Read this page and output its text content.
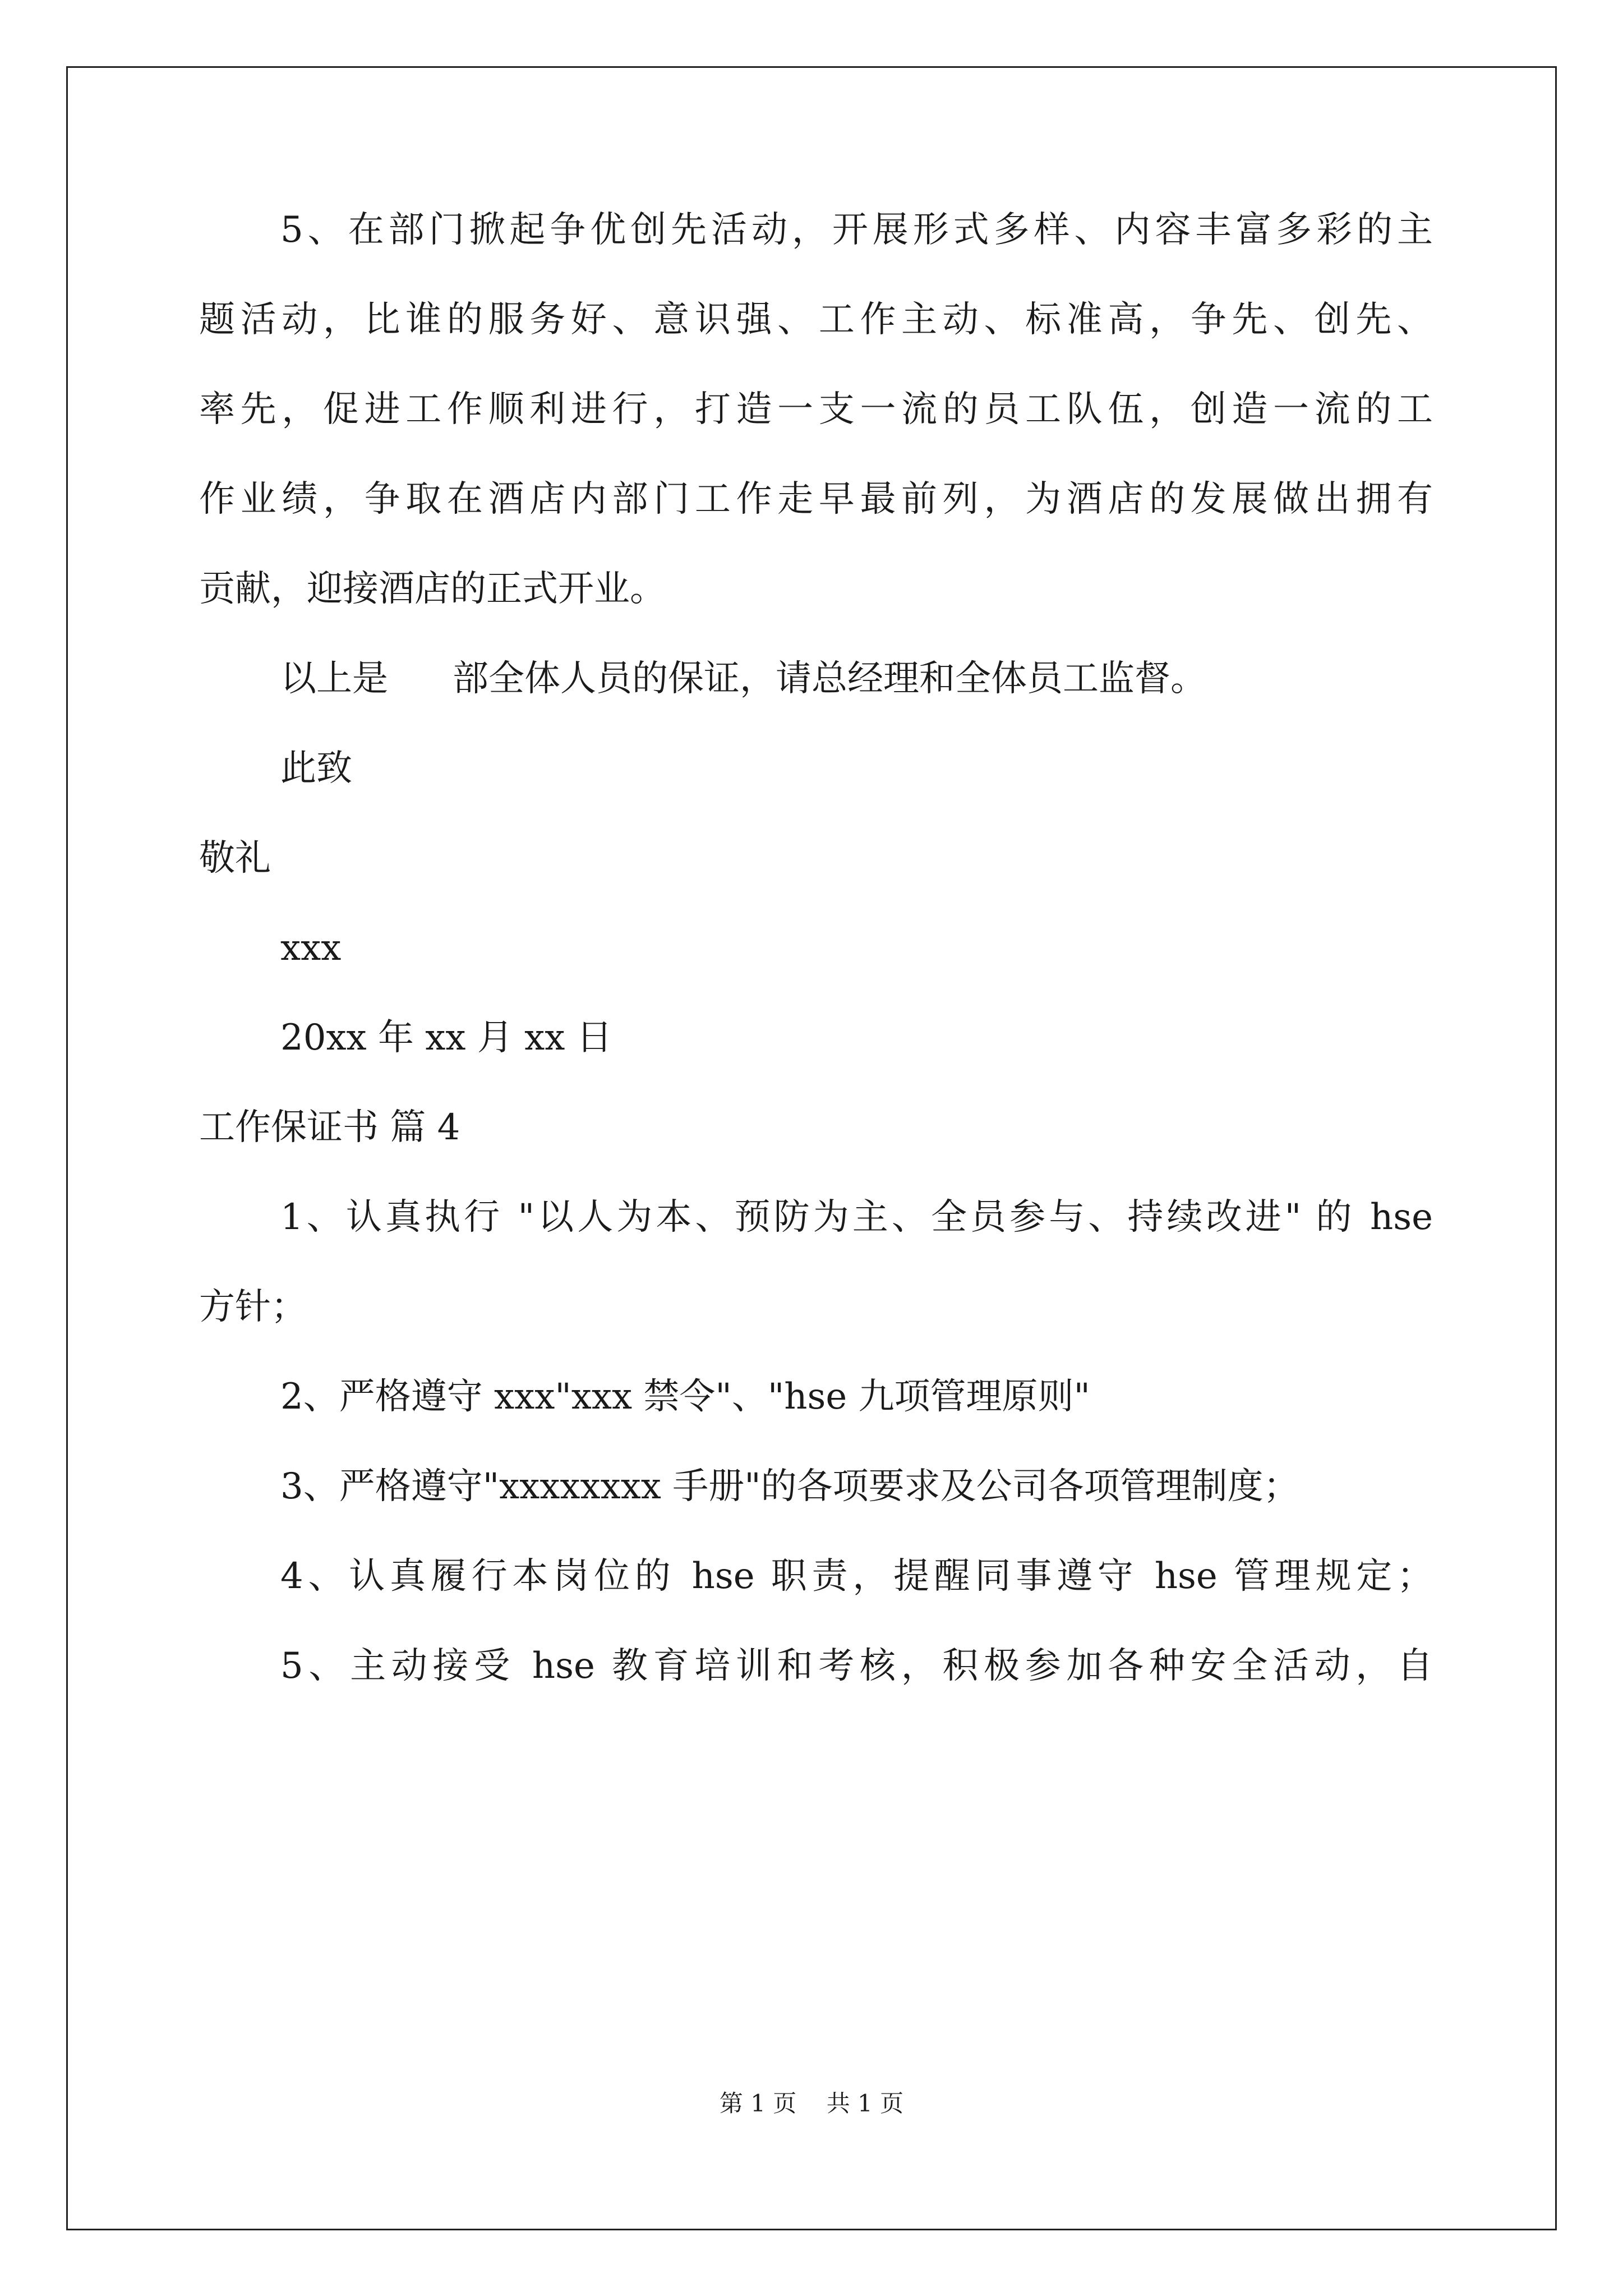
5、在部门掀起争优创先活动，开展形式多样、内容丰富多彩的主
题活动，比谁的服务好、意识强、工作主动、标准高，争先、创先、
率先，促进工作顺利进行，打造一支一流的员工队伍，创造一流的工
作业绩，争取在酒店内部门工作走早最前列，为酒店的发展做出拥有
贡献，迎接酒店的正式开业。
以上是 部全体人员的保证，请总经理和全体员工监督。
此致
敬礼
xxx
20xx 年 xx 月 xx 日
工作保证书 篇 4
1、认真执行 "以人为本、预防为主、全员参与、持续改进" 的 hse
方针；
2、严格遵守 xxx"xxx 禁令"、"hse 九项管理原则"
3、严格遵守"xxxxxxxx 手册"的各项要求及公司各项管理制度；
4、认真履行本岗位的 hse 职责，提醒同事遵守 hse 管理规定；
5、主动接受 hse 教育培训和考核，积极参加各种安全活动，自
第 1 页    共 1 页
